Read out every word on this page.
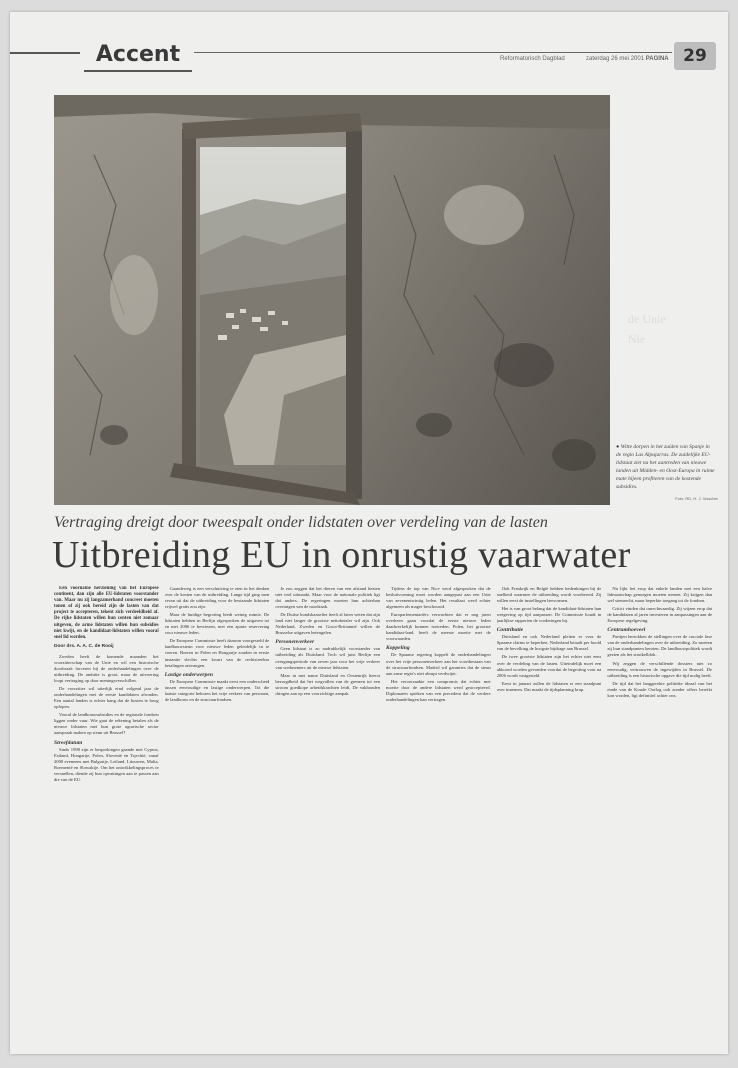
Accent	Reformatorisch Dagblad	zaterdag 26 mei 2001 PAGINA 29
● Witte dorpen in het zuiden van Spanje in de regio Las Alpujarras. De zuidelijke EU-lidstaat ziet na het aantreden van nieuwe landen uit Midden- en Oost-Europa in ruime mate bijeen profiteren van de kostende subsidies.
Foto: RD, H. J. Visscher
Vertraging dreigt door tweespalt onder lidstaten over verdeling van de lasten
Uitbreiding EU in onrustig vaarwater

Een voorname herziening van het Europese continent, dan zijn alle EU-lidstaten voorstander van. Maar nu zij langzamerhand concreet moeten tonen of zij ook bereid zijn de lasten van dat project te accepteren, tekent zich verdeeldheid af. De rijke lidstaten willen hun centen niet zomaar uitgeven, de arme lidstaten willen hun subsidies niet kwijt, en de kandidaat-lidstaten willen vooral snel lid worden.

Door drs. A. A. C. de Rooij

Zweden heeft de komende maanden het voorzitterschap van de Unie en wil een historische doorbraak forceren bij de onderhandelingen over de uitbreiding. De ambitie is groot, maar de uitvoering loopt vertraging op door meningsverschillen.

De voorzitter wil uiterlijk eind volgend jaar de onderhandelingen met de eerste kandidaten afronden. Een aantal landen is echter bang dat de kosten te hoog oplopen.

Vooral de landbouwsubsidies en de regionale fondsen liggen onder vuur. Wie gaat de rekening betalen als de nieuwe lidstaten met hun grote agrarische sector aanspraak maken op steun uit Brussel?

Streefdatum

Sinds 1998 zijn er besprekingen gaande met Cyprus, Estland, Hongarije, Polen, Slovenië en Tsjechië, vanaf 2000 eveneens met Bulgarije, Letland, Litouwen, Malta, Roemenië en Slowakije. Om het ontwikkelingsproces te versnellen, diende zij hun opvattingen aan te passen aan die van de EU.

Gaandeweg is een verschuiving te zien in het denken over de kosten van de uitbreiding. Lange tijd ging men ervan uit dat de uitbreiding voor de bestaande lidstaten vrijwel gratis zou zijn.

Maar de huidige begroting biedt weinig ruimte. De lidstaten hebben in Berlijn afgesproken de uitgaven tot en met 2006 te bevriezen, met een aparte reservering voor nieuwe leden.

De Europese Commissie heeft daarom voorgesteld de landbouwsteun voor nieuwe leden geleidelijk in te voeren. Boeren in Polen en Hongarije zouden in eerste instantie slechts een kwart van de rechtstreekse betalingen ontvangen.

Lastige onderwerpen

De Europese Commissie maakt eerst een onderscheid tussen eenvoudige en lastige onderwerpen. Tot die laatste categorie behoren het vrije verkeer van personen, de landbouw en de structuurfondsen.

Je zou zeggen dat het dieren van een afstand bezien niet veel uitmaakt. Maar voor de nationale politiek ligt dat anders. De regeringen moeten hun achterban overtuigen van de noodzaak.

De Duitse bondskanselier heeft al laten weten dat zijn land niet langer de grootste nettobetaler wil zijn. Ook Nederland, Zweden en Groot-Brittannië willen de Brusselse uitgaven beteugelen.

Personenverkeer

Geen lidstaat is zo nadrukkelijk voorstander van uitbreiding als Duitsland. Toch wil juist Berlijn een overgangsperiode van zeven jaar voor het vrije verkeer van werknemers uit de nieuwe lidstaten.

Maar in met name Duitsland en Oostenrijk heerst bezorgdheid dat het wegvallen van de grenzen tot een stroom goedkope arbeidskrachten leidt. De vakbonden dringen aan op een voorzichtige aanpak.

Tijdens de top van Nice werd afgesproken dat de besluitvorming moet worden aangepast aan een Unie van zevenentwintig leden. Het resultaat werd echter algemeen als mager beschouwd.

Europarlementariërs verwachten dat er nog jaren overheen gaan voordat de eerste nieuwe leden daadwerkelijk kunnen toetreden. Polen, het grootste kandidaat-land, heeft de meeste moeite met de voorwaarden.

Koppeling

De Spaanse regering koppelt de onderhandelingen over het vrije personenverkeer aan het voortbestaan van de structuurfondsen. Madrid wil garanties dat de steun aan arme regio's niet abrupt verdwijnt.

Het veroorzaakte een compromis dat echter met moeite door de andere lidstaten werd geaccepteerd. Diplomaten spreken van een precedent dat de verdere onderhandelingen kan vertragen.

Ook Frankrijk en België hebben bedenkingen bij de snelheid waarmee de uitbreiding wordt voorbereid. Zij willen eerst de instellingen hervormen.

Het is van groot belang dat de kandidaat-lidstaten hun wetgeving op tijd aanpassen. De Commissie houdt in jaarlijkse rapporten de vorderingen bij.

Contributie

Duitsland en ook Nederland pleiten er voor de Spaanse claims te beperken. Nederland betaalt per hoofd van de bevolking de hoogste bijdrage aan Brussel.

De twee grootste lidstaten zijn het echter niet eens over de verdeling van de lasten. Uiteindelijk moet een akkoord worden gevonden voordat de begroting voor na 2006 wordt vastgesteld.

Eerst in januari zullen de lidstaten er een standpunt over innemen. Dat maakt de tijdsplanning krap.

Nu lijkt het erop dat enkele landen met een halve lidmaatschap genoegen moeten nemen. Zij krijgen dan wel stemrecht, maar beperkte toegang tot de fondsen.

Critici vinden dat onrechtvaardig. Zij wijzen erop dat de kandidaten al jaren investeren in aanpassingen aan de Europese regelgeving.

Centrumhoeveel

Partijen betrokken de stellingen over de cruciale fase van de onderhandelingen over de uitbreiding. Zo moeten zij hun standpunten herzien. De landbouwpolitiek wordt gezien als het struikelblok.

Wij zeggen de verschillende dossiers niet zo eenvoudig, vertrouwen de ingewijden in Brussel. De uitbreiding is een historische opgave die tijd nodig heeft.

De tijd dat het langgerekte politieke ideaal van het einde van de Koude Oorlog ook zonder offers bereikt kon worden, ligt definitief achter ons.

de Unie
Nie
